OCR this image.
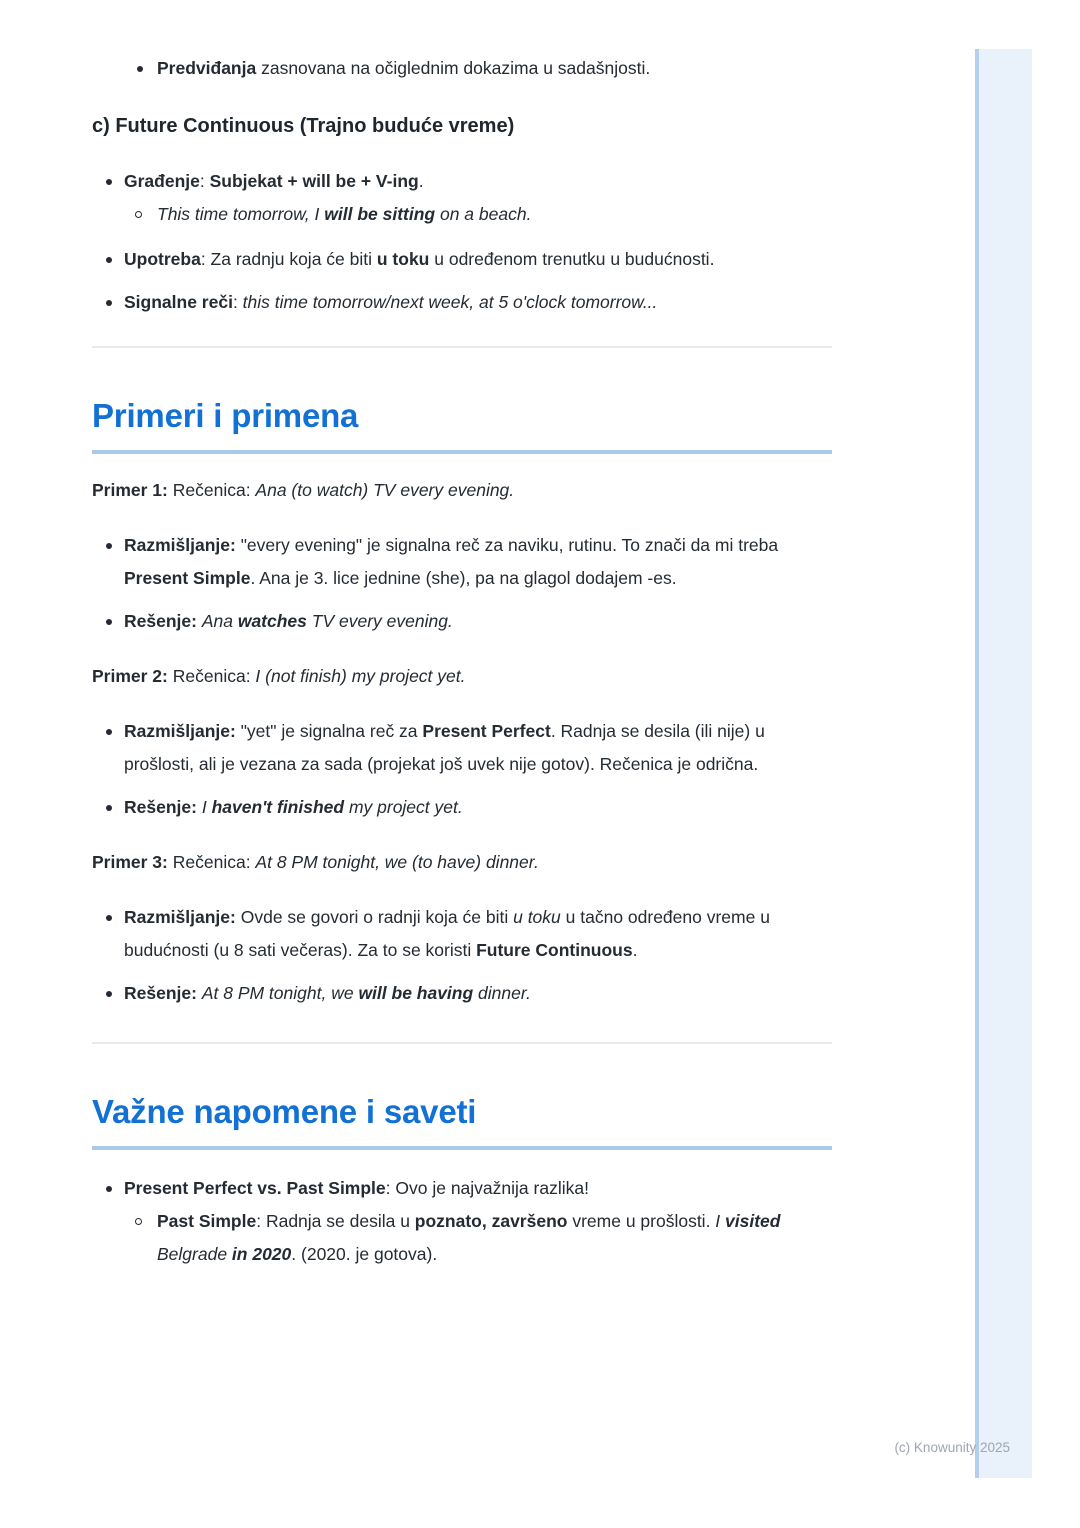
Predviđanja zasnovana na očiglednim dokazima u sadašnjosti.
c) Future Continuous (Trajno buduće vreme)
Građenje: Subjekat + will be + V-ing.
This time tomorrow, I will be sitting on a beach.
Upotreba: Za radnju koja će biti u toku u određenom trenutku u budućnosti.
Signalne reči: this time tomorrow/next week, at 5 o'clock tomorrow...
Primeri i primena

Primer 1: Rečenica: Ana (to watch) TV every evening.

Razmišljanje: "every evening" je signalna reč za naviku, rutinu. To znači da mi treba Present Simple. Ana je 3. lice jednine (she), pa na glagol dodajem -es.
Rešenje: Ana watches TV every evening.

Primer 2: Rečenica: I (not finish) my project yet.

Razmišljanje: "yet" je signalna reč za Present Perfect. Radnja se desila (ili nije) u prošlosti, ali je vezana za sada (projekat još uvek nije gotov). Rečenica je odrična.
Rešenje: I haven't finished my project yet.

Primer 3: Rečenica: At 8 PM tonight, we (to have) dinner.

Razmišljanje: Ovde se govori o radnji koja će biti u toku u tačno određeno vreme u budućnosti (u 8 sati večeras). Za to se koristi Future Continuous.
Rešenje: At 8 PM tonight, we will be having dinner.
Važne napomene i saveti
Present Perfect vs. Past Simple: Ovo je najvažnija razlika!
Past Simple: Radnja se desila u poznato, završeno vreme u prošlosti. I visited Belgrade in 2020. (2020. je gotova).
(c) Knowunity 2025
